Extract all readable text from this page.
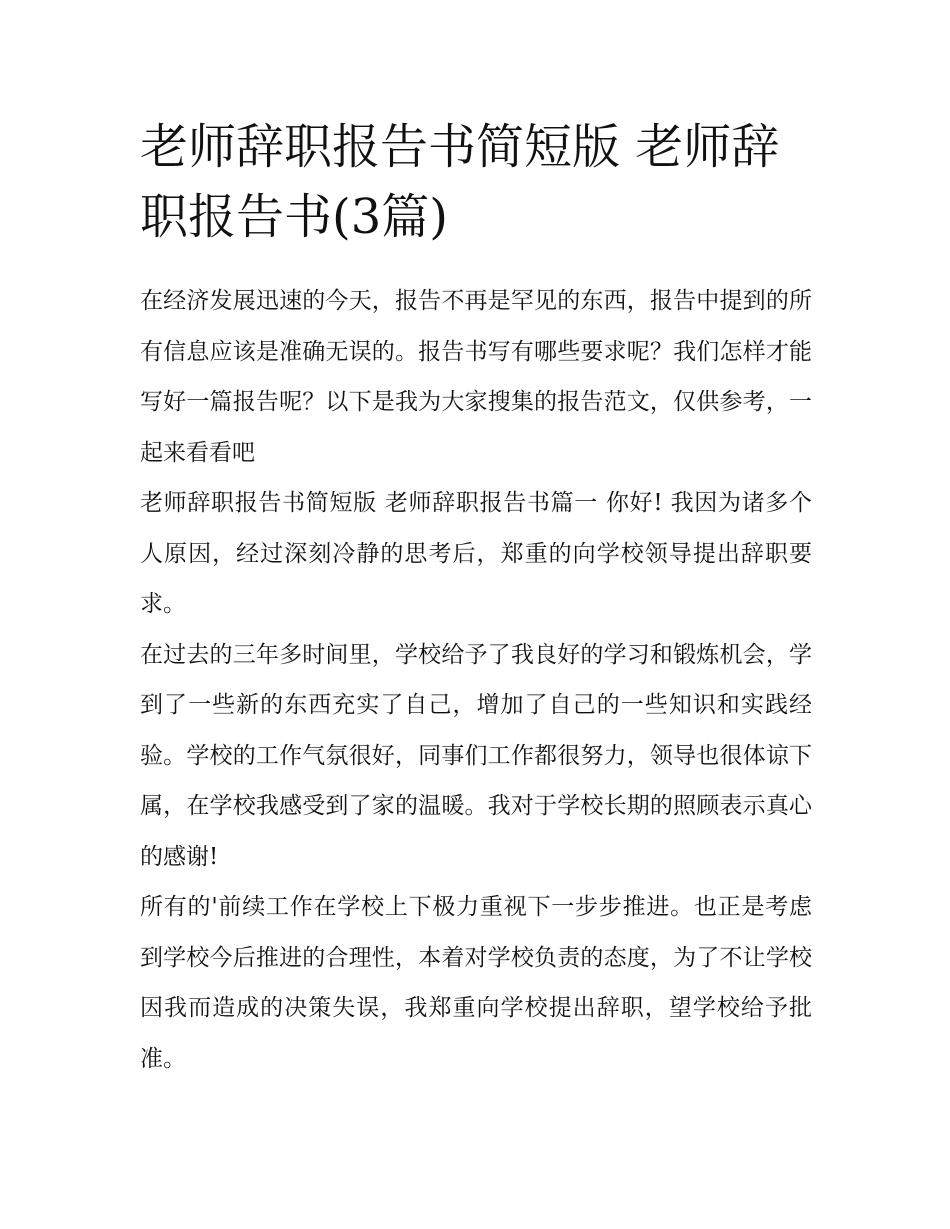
老师辞职报告书简短版 老师辞职报告书(3篇)

在经济发展迅速的今天，报告不再是罕见的东西，报告中提到的所有信息应该是准确无误的。报告书写有哪些要求呢？我们怎样才能写好一篇报告呢？以下是我为大家搜集的报告范文，仅供参考，一起来看看吧

老师辞职报告书简短版 老师辞职报告书篇一 你好! 我因为诸多个人原因，经过深刻冷静的思考后，郑重的向学校领导提出辞职要求。

在过去的三年多时间里，学校给予了我良好的学习和锻炼机会，学到了一些新的东西充实了自己，增加了自己的一些知识和实践经验。学校的工作气氛很好，同事们工作都很努力，领导也很体谅下属，在学校我感受到了家的温暖。我对于学校长期的照顾表示真心的感谢!

所有的'前续工作在学校上下极力重视下一步步推进。也正是考虑到学校今后推进的合理性，本着对学校负责的态度，为了不让学校因我而造成的决策失误，我郑重向学校提出辞职，望学校给予批准。
